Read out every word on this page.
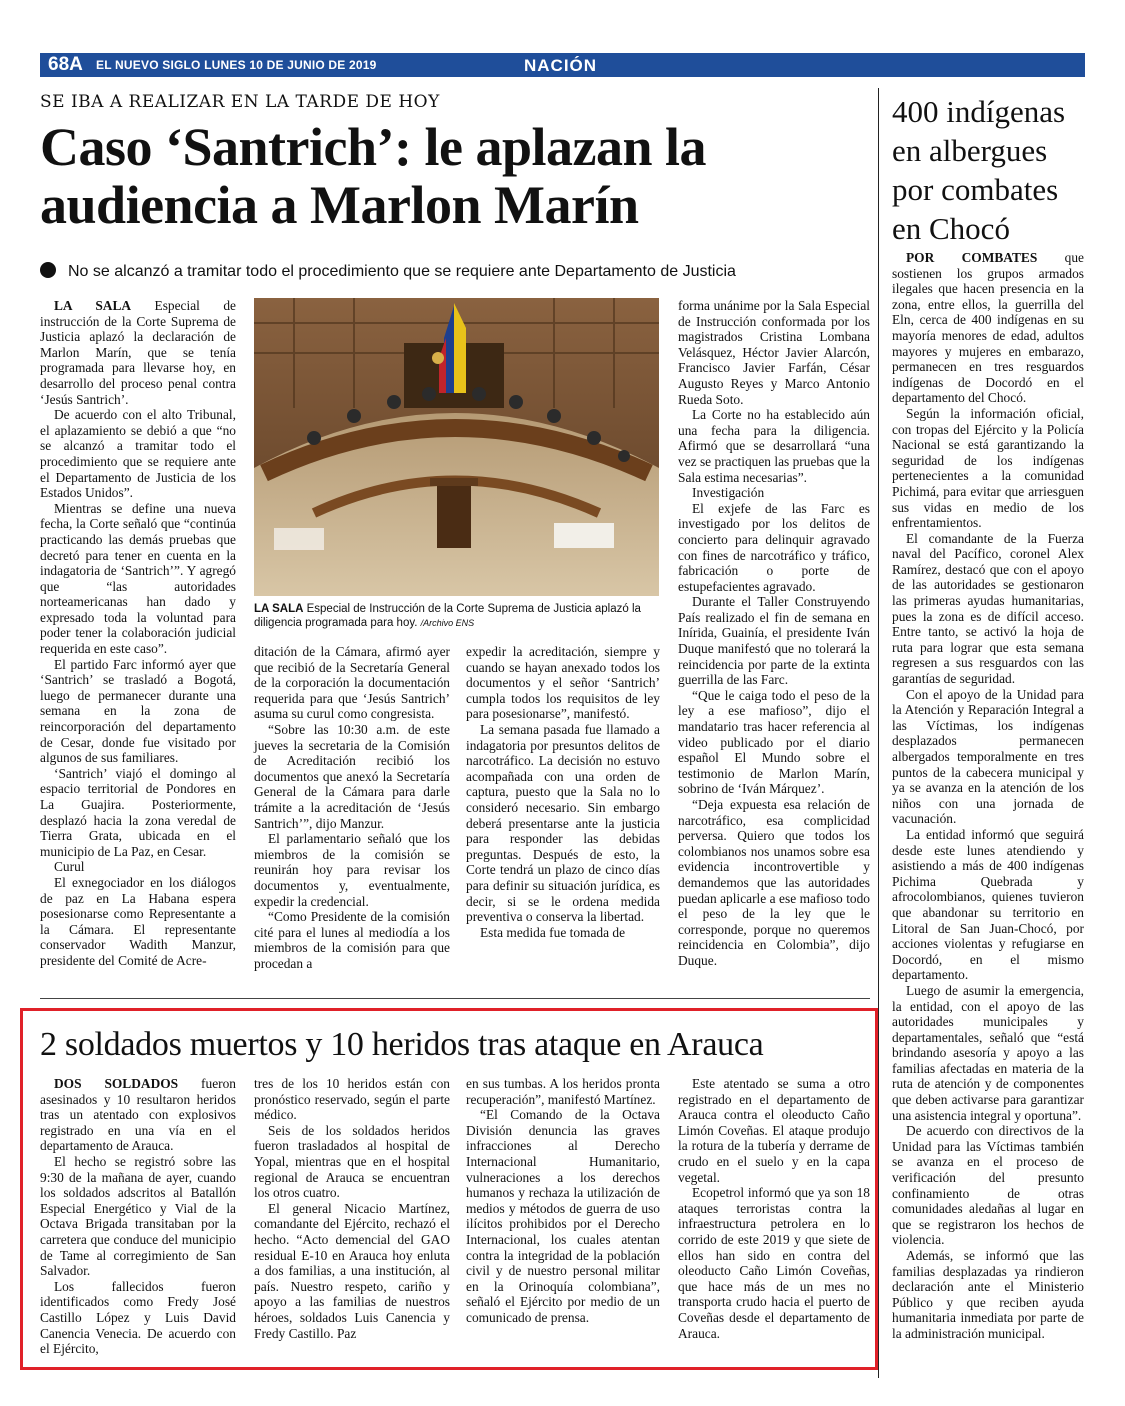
68A EL NUEVO SIGLO LUNES 10 DE JUNIO DE 2019	NACIÓN
SE IBA A REALIZAR EN LA TARDE DE HOY
Caso ‘Santrich’: le aplazan la audiencia a Marlon Marín
No se alcanzó a tramitar todo el procedimiento que se requiere ante Departamento de Justicia

LA SALA Especial de instrucción de la Corte Suprema de Justicia aplazó la declaración de Marlon Marín, que se tenía programada para llevarse hoy, en desarrollo del proceso penal contra ‘Jesús Santrich’.

De acuerdo con el alto Tribunal, el aplazamiento se debió a que “no se alcanzó a tramitar todo el procedimiento que se requiere ante el Departamento de Justicia de los Estados Unidos”.

Mientras se define una nueva fecha, la Corte señaló que “continúa practicando las demás pruebas que decretó para tener en cuenta en la indagatoria de ‘Santrich’”. Y agregó que “las autoridades norteamericanas han dado y expresado toda la voluntad para poder tener la colaboración judicial requerida en este caso”.

El partido Farc informó ayer que ‘Santrich’ se trasladó a Bogotá, luego de permanecer durante una semana en la zona de reincorporación del departamento de Cesar, donde fue visitado por algunos de sus familiares.

‘Santrich’ viajó el domingo al espacio territorial de Pondores en La Guajira. Posteriormente, desplazó hacia la zona veredal de Tierra Grata, ubicada en el municipio de La Paz, en Cesar.

Curul

El exnegociador en los diálogos de paz en La Habana espera posesionarse como Representante a la Cámara. El representante conservador Wadith Manzur, presidente del Comité de Acre-

LA SALA Especial de Instrucción de la Corte Suprema de Justicia aplazó la diligencia programada para hoy. /Archivo ENS

forma unánime por la Sala Especial de Instrucción conformada por los magistrados Cristina Lombana Velásquez, Héctor Javier Alarcón, Francisco Javier Farfán, César Augusto Reyes y Marco Antonio Rueda Soto.

La Corte no ha establecido aún una fecha para la diligencia. Afirmó que se desarrollará “una vez se practiquen las pruebas que la Sala estima necesarias”.

Investigación

El exjefe de las Farc es investigado por los delitos de concierto para delinquir agravado con fines de narcotráfico y tráfico, fabricación o porte de estupefacientes agravado.

Durante el Taller Construyendo País realizado el fin de semana en Inírida, Guainía, el presidente Iván Duque manifestó que no tolerará la reincidencia por parte de la extinta guerrilla de las Farc.

“Que le caiga todo el peso de la ley a ese mafioso”, dijo el mandatario tras hacer referencia al video publicado por el diario español El Mundo sobre el testimonio de Marlon Marín, sobrino de ‘Iván Márquez’.

“Deja expuesta esa relación de narcotráfico, esa complicidad perversa. Quiero que todos los colombianos nos unamos sobre esa evidencia incontrovertible y demandemos que las autoridades puedan aplicarle a ese mafioso todo el peso de la ley que le corresponde, porque no queremos reincidencia en Colombia”, dijo Duque.

ditación de la Cámara, afirmó ayer que recibió de la Secretaría General de la corporación la documentación requerida para que ‘Jesús Santrich’ asuma su curul como congresista.

“Sobre las 10:30 a.m. de este jueves la secretaria de la Comisión de Acreditación recibió los documentos que anexó la Secretaría General de la Cámara para darle trámite a la acreditación de ‘Jesús Santrich’”, dijo Manzur.

El parlamentario señaló que los miembros de la comisión se reunirán hoy para revisar los documentos y, eventualmente, expedir la credencial.

“Como Presidente de la comisión cité para el lunes al mediodía a los miembros de la comisión para que procedan a

expedir la acreditación, siempre y cuando se hayan anexado todos los documentos y el señor ‘Santrich’ cumpla todos los requisitos de ley para posesionarse”, manifestó.

La semana pasada fue llamado a indagatoria por presuntos delitos de narcotráfico. La decisión no estuvo acompañada con una orden de captura, puesto que la Sala no lo consideró necesario. Sin embargo deberá presentarse ante la justicia para responder las debidas preguntas. Después de esto, la Corte tendrá un plazo de cinco días para definir su situación jurídica, es decir, si se le ordena medida preventiva o conserva la libertad.

Esta medida fue tomada de

400 indígenas en albergues por combates en Chocó

POR COMBATES que sostienen los grupos armados ilegales que hacen presencia en la zona, entre ellos, la guerrilla del Eln, cerca de 400 indígenas en su mayoría menores de edad, adultos mayores y mujeres en embarazo, permanecen en tres resguardos indígenas de Docordó en el departamento del Chocó.

Según la información oficial, con tropas del Ejército y la Policía Nacional se está garantizando la seguridad de los indígenas pertenecientes a la comunidad Pichimá, para evitar que arriesguen sus vidas en medio de los enfrentamientos.

El comandante de la Fuerza naval del Pacífico, coronel Alex Ramírez, destacó que con el apoyo de las autoridades se gestionaron las primeras ayudas humanitarias, pues la zona es de difícil acceso. Entre tanto, se activó la hoja de ruta para lograr que esta semana regresen a sus resguardos con las garantías de seguridad.

Con el apoyo de la Unidad para la Atención y Reparación Integral a las Víctimas, los indígenas desplazados permanecen albergados temporalmente en tres puntos de la cabecera municipal y ya se avanza en la atención de los niños con una jornada de vacunación.

La entidad informó que seguirá desde este lunes atendiendo y asistiendo a más de 400 indígenas Pichima Quebrada y afrocolombianos, quienes tuvieron que abandonar su territorio en Litoral de San Juan-Chocó, por acciones violentas y refugiarse en Docordó, en el mismo departamento.

Luego de asumir la emergencia, la entidad, con el apoyo de las autoridades municipales y departamentales, señaló que “está brindando asesoría y apoyo a las familias afectadas en materia de la ruta de atención y de componentes que deben activarse para garantizar una asistencia integral y oportuna”.

De acuerdo con directivos de la Unidad para las Víctimas también se avanza en el proceso de verificación del presunto confinamiento de otras comunidades aledañas al lugar en que se registraron los hechos de violencia.

Además, se informó que las familias desplazadas ya rindieron declaración ante el Ministerio Público y que reciben ayuda humanitaria inmediata por parte de la administración municipal.

2 soldados muertos y 10 heridos tras ataque en Arauca

DOS SOLDADOS fueron asesinados y 10 resultaron heridos tras un atentado con explosivos registrado en una vía en el departamento de Arauca.

El hecho se registró sobre las 9:30 de la mañana de ayer, cuando los soldados adscritos al Batallón Especial Energético y Vial de la Octava Brigada transitaban por la carretera que conduce del municipio de Tame al corregimiento de San Salvador.

Los fallecidos fueron identificados como Fredy José Castillo López y Luis David Canencia Venecia. De acuerdo con el Ejército,

tres de los 10 heridos están con pronóstico reservado, según el parte médico.

Seis de los soldados heridos fueron trasladados al hospital de Yopal, mientras que en el hospital regional de Arauca se encuentran los otros cuatro.

El general Nicacio Martínez, comandante del Ejército, rechazó el hecho. “Acto demencial del GAO residual E-10 en Arauca hoy enluta a dos familias, a una institución, al país. Nuestro respeto, cariño y apoyo a las familias de nuestros héroes, soldados Luis Canencia y Fredy Castillo. Paz

en sus tumbas. A los heridos pronta recuperación”, manifestó Martínez.

“El Comando de la Octava División denuncia las graves infracciones al Derecho Internacional Humanitario, vulneraciones a los derechos humanos y rechaza la utilización de medios y métodos de guerra de uso ilícitos prohibidos por el Derecho Internacional, los cuales atentan contra la integridad de la población civil y de nuestro personal militar en la Orinoquía colombiana”, señaló el Ejército por medio de un comunicado de prensa.

Este atentado se suma a otro registrado en el departamento de Arauca contra el oleoducto Caño Limón Coveñas. El ataque produjo la rotura de la tubería y derrame de crudo en el suelo y en la capa vegetal.

Ecopetrol informó que ya son 18 ataques terroristas contra la infraestructura petrolera en lo corrido de este 2019 y que siete de ellos han sido en contra del oleoducto Caño Limón Coveñas, que hace más de un mes no transporta crudo hacia el puerto de Coveñas desde el departamento de Arauca.
